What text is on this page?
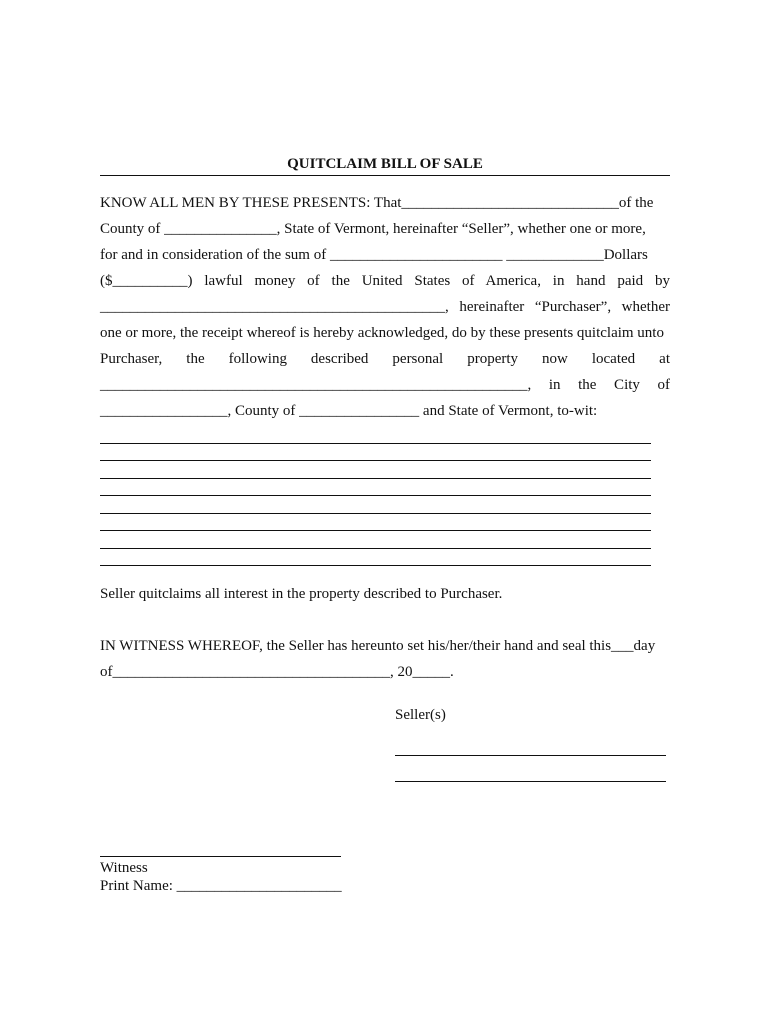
QUITCLAIM BILL OF SALE
KNOW ALL MEN BY THESE PRESENTS: That_____________________________of the
County of _______________, State of Vermont, hereinafter “Seller”, whether one or more,
for and in consideration of the sum of _______________________ _____________Dollars
($__________) lawful money of the United States of America, in hand paid by
______________________________________________, hereinafter “Purchaser”, whether
one or more, the receipt whereof is hereby acknowledged, do by these presents quitclaim unto
Purchaser, the following described personal property now located at
_________________________________________________________, in the City of
_________________, County of ________________ and State of Vermont, to-wit:
Seller quitclaims all interest in the property described to Purchaser.
IN WITNESS WHEREOF, the Seller has hereunto set his/her/their hand and seal this___day
of_____________________________________, 20_____.
Seller(s)
Witness
Print Name: ______________________
